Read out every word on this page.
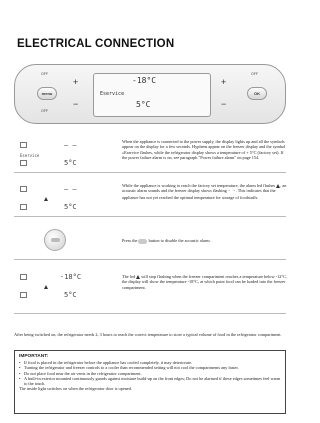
ELECTRICAL CONNECTION
OFF
menu
OFF
+
−
-18°C
Eservice
5°C
+
−
OFF
OK
– –
Eservice
5°C
When the appliance is connected to the power supply, the display lights up and all the symbols appear on the display for a few seconds. Hyphens appear on the freezer display and the symbol «Eservice flashes, while the refrigerator display shows a temperature of + 5°C (factory set). If the power failure alarm is on, see paragraph "Power failure alarm" on page 154.
– –
5°C
While the appliance is working to reach the factory set temperature, the alarm led flashes , an acoustic alarm sounds and the freezer display shows flashing - -. This indicates that the appliance has not yet reached the optimal temperature for storage of foodstuffs.
Press the	button to disable the acoustic alarm.
-18°C
5°C
The led will stop flashing when the freezer compartment reaches a temperature below -12°C, the display will show the temperature -18°C, at which point food can be loaded into the freezer compartment.
After being switched on, the refrigerator needs 2, 3 hours to reach the correct temperature to store a typical volume of food in the refrigerator compartment.
IMPORTANT:
• If food is placed in the refrigerator before the appliance has cooled completely, it may deteriorate.
• Turning the refrigerator and freezer controls to a cooler than recommended setting will not cool the compartments any faster.
• Do not place food near the air vents in the refrigerator compartment.
• A built-in exterior mounted continuously guards against moisture build-up on the front edges; Do not be alarmed if these edges sometimes feel warm to the touch.
The inside light switches on when the refrigerator door is opened.
